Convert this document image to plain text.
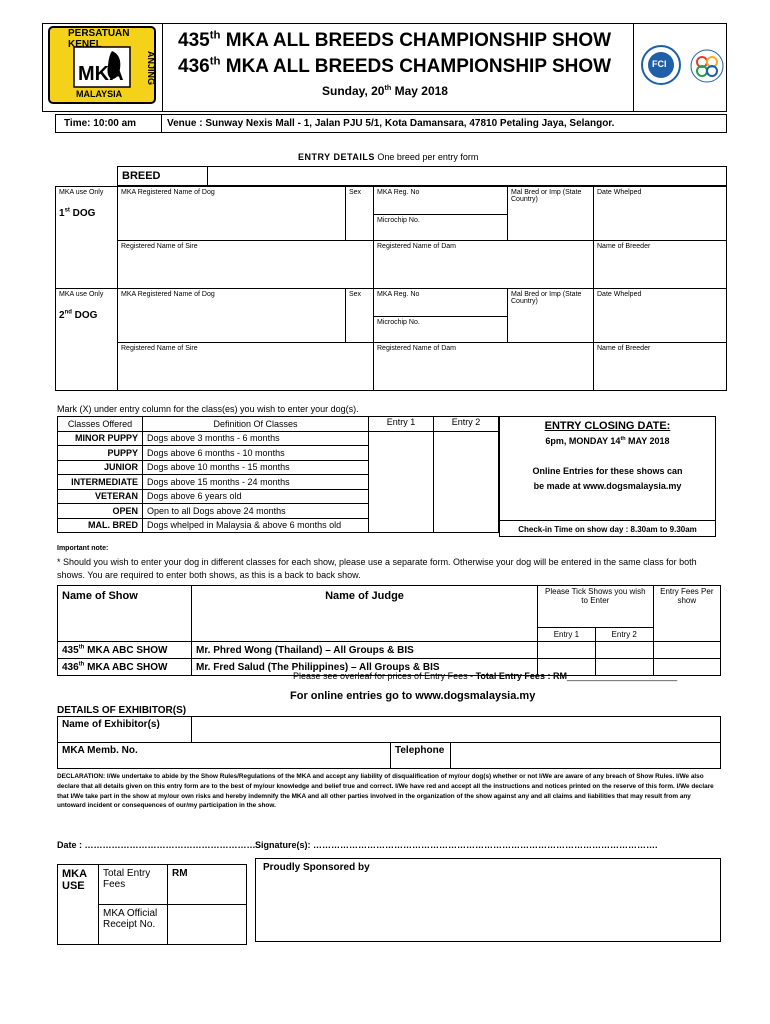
PERSATUAN KENEL
MKA
MALAYSIA
ANJING
435th MKA ALL BREEDS CHAMPIONSHIP SHOW
436th MKA ALL BREEDS CHAMPIONSHIP SHOW
Sunday, 20th May 2018
FCI
Time: 10:00 am	Venue : Sunway Nexis Mall - 1, Jalan PJU 5/1, Kota Damansara, 47810 Petaling Jaya, Selangor.
ENTRY DETAILS One breed per entry form
BREED
MKA use Only
1st DOG	MKA Registered Name of Dog	Sex	MKA Reg. No	Mal Bred or Imp (State Country)	Date Whelped
			Microchip No.		
	Registered Name of Sire		Registered Name of Dam		Name of Breeder
MKA use Only
2nd DOG	MKA Registered Name of Dog	Sex	MKA Reg. No	Mal Bred or Imp (State Country)	Date Whelped
			Microchip No.		
	Registered Name of Sire		Registered Name of Dam		Name of Breeder
Mark (X) under entry column for the class(es) you wish to enter your dog(s).
Classes Offered	Definition Of Classes	Entry 1	Entry 2
MINOR PUPPY	Dogs above 3 months - 6 months		
PUPPY	Dogs above 6 months - 10 months		
JUNIOR	Dogs above 10 months - 15 months		
INTERMEDIATE	Dogs above 15 months - 24 months		
VETERAN	Dogs above 6 years old		
OPEN	Open to all Dogs above 24 months		
MAL. BRED	Dogs whelped in Malaysia & above 6 months old		
ENTRY CLOSING DATE:
6pm, MONDAY 14th MAY 2018
Online Entries for these shows can
be made at www.dogsmalaysia.my
Check-in Time on show day : 8.30am to 9.30am
Important note:
* Should you wish to enter your dog in different classes for each show, please use a separate form. Otherwise your dog will be entered in the same class for both shows. You are required to enter both shows, as this is a back to back show.
Name of Show	Name of Judge	Please Tick Shows you wish to Enter		Entry Fees Per show
		Entry 1	Entry 2	
435th MKA ABC SHOW	Mr. Phred Wong (Thailand) – All Groups & BIS			
436th MKA ABC SHOW	Mr. Fred Salud (The Philippines) – All Groups & BIS			
Please see overleaf for prices of Entry Fees - Total Entry Fees : RM______________________
For online entries go to www.dogsmalaysia.my
DETAILS OF EXHIBITOR(S)
Name of Exhibitor(s)			
MKA Memb. No.		Telephone	
DECLARATION: I/We undertake to abide by the Show Rules/Regulations of the MKA and accept any liability of disqualification of my/our dog(s) whether or not I/We are aware of any breach of Show Rules. I/We also declare that all details given on this entry form are to the best of my/our knowledge and belief true and correct. I/We have red and accept all the instructions and notices printed on the reserve of this form. I/We declare that I/We take part in the show at my/our own risks and hereby indemnify the MKA and all other parties involved in the organization of the show against any and all claims and liabilities that may result from any untoward incident or consequences of our/my participation in the show.
Date : ………………………………………………… Signature(s): …………………………………………………………………………………………………….
MKA USE	Total Entry Fees	RM
	MKA Official Receipt No.	
Proudly Sponsored by
